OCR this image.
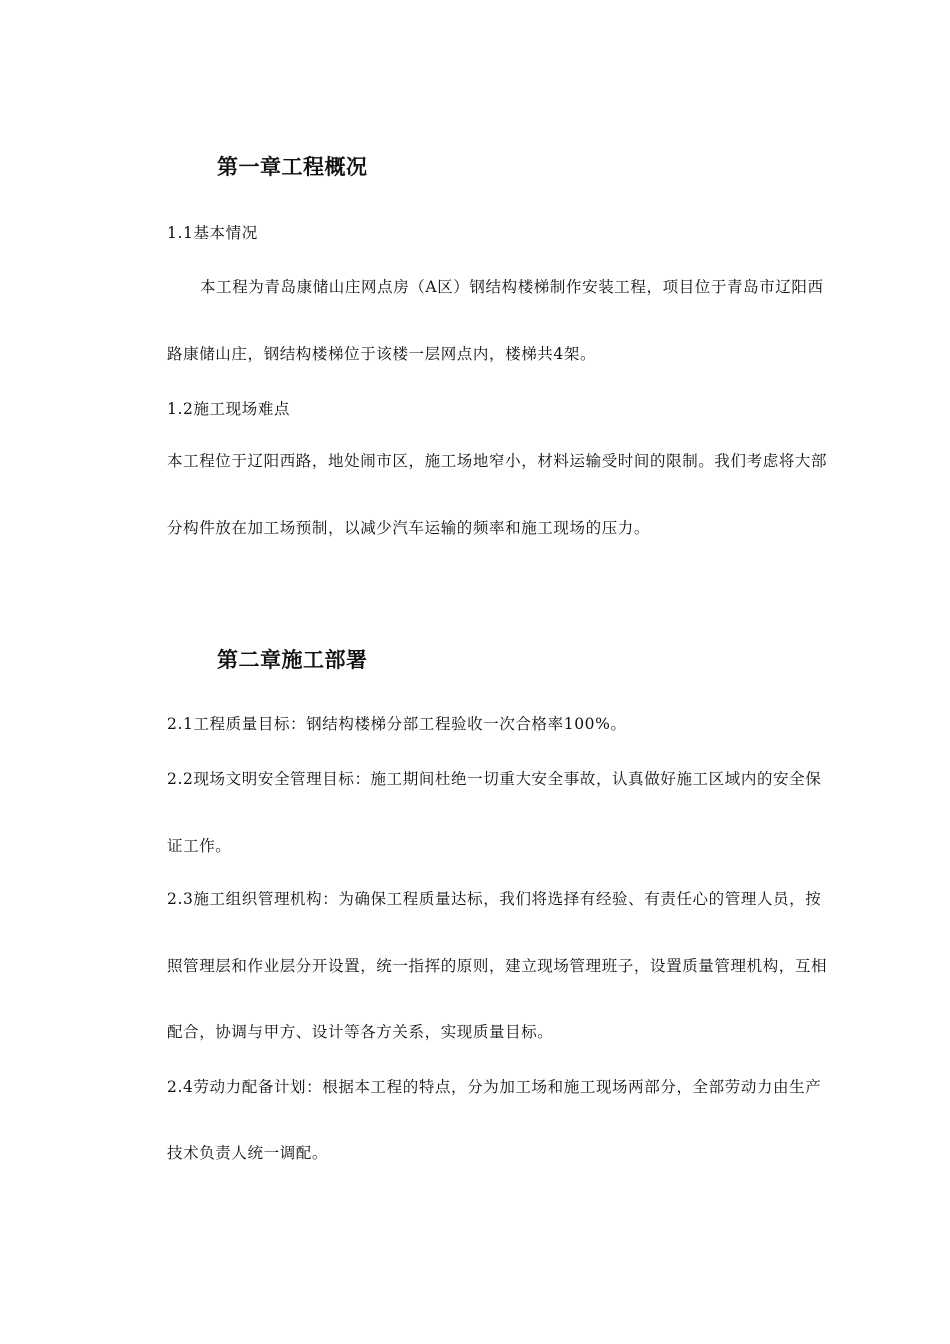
第一章工程概况
1.1基本情况
本工程为青岛康储山庄网点房（A区）钢结构楼梯制作安装工程，项目位于青岛市辽阳西
路康储山庄，钢结构楼梯位于该楼一层网点内，楼梯共4架。
1.2施工现场难点
本工程位于辽阳西路，地处闹市区，施工场地窄小，材料运输受时间的限制。我们考虑将大部
分构件放在加工场预制，以减少汽车运输的频率和施工现场的压力。
第二章施工部署
2.1工程质量目标：钢结构楼梯分部工程验收一次合格率100%。
2.2现场文明安全管理目标：施工期间杜绝一切重大安全事故，认真做好施工区域内的安全保
证工作。
2.3施工组织管理机构：为确保工程质量达标，我们将选择有经验、有责任心的管理人员，按
照管理层和作业层分开设置，统一指挥的原则，建立现场管理班子，设置质量管理机构，互相
配合，协调与甲方、设计等各方关系，实现质量目标。
2.4劳动力配备计划：根据本工程的特点，分为加工场和施工现场两部分，全部劳动力由生产
技术负责人统一调配。
